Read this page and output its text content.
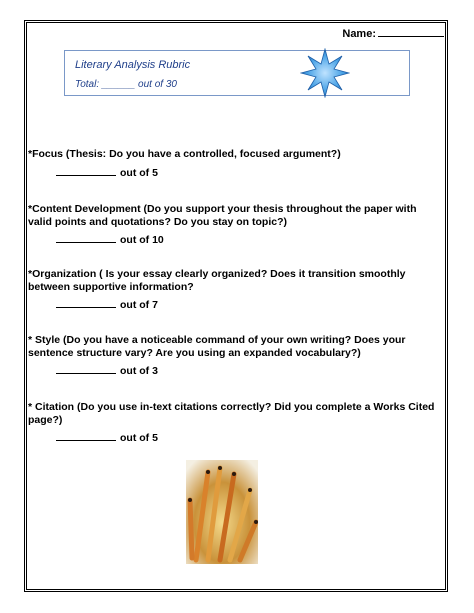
Name:
Literary Analysis Rubric
Total: ______ out of 30
*Focus (Thesis: Do you have a controlled, focused argument?)
out of 5
*Content Development (Do you support your thesis throughout the paper with valid points and quotations? Do you stay on topic?)
out of 10
*Organization ( Is your essay clearly organized? Does it transition smoothly between supportive information?
out of 7
* Style (Do you have a noticeable command of your own writing? Does your sentence structure vary? Are you using an expanded vocabulary?)
out of 3
* Citation (Do you use in-text citations correctly? Did you complete a Works Cited page?)
out of 5
